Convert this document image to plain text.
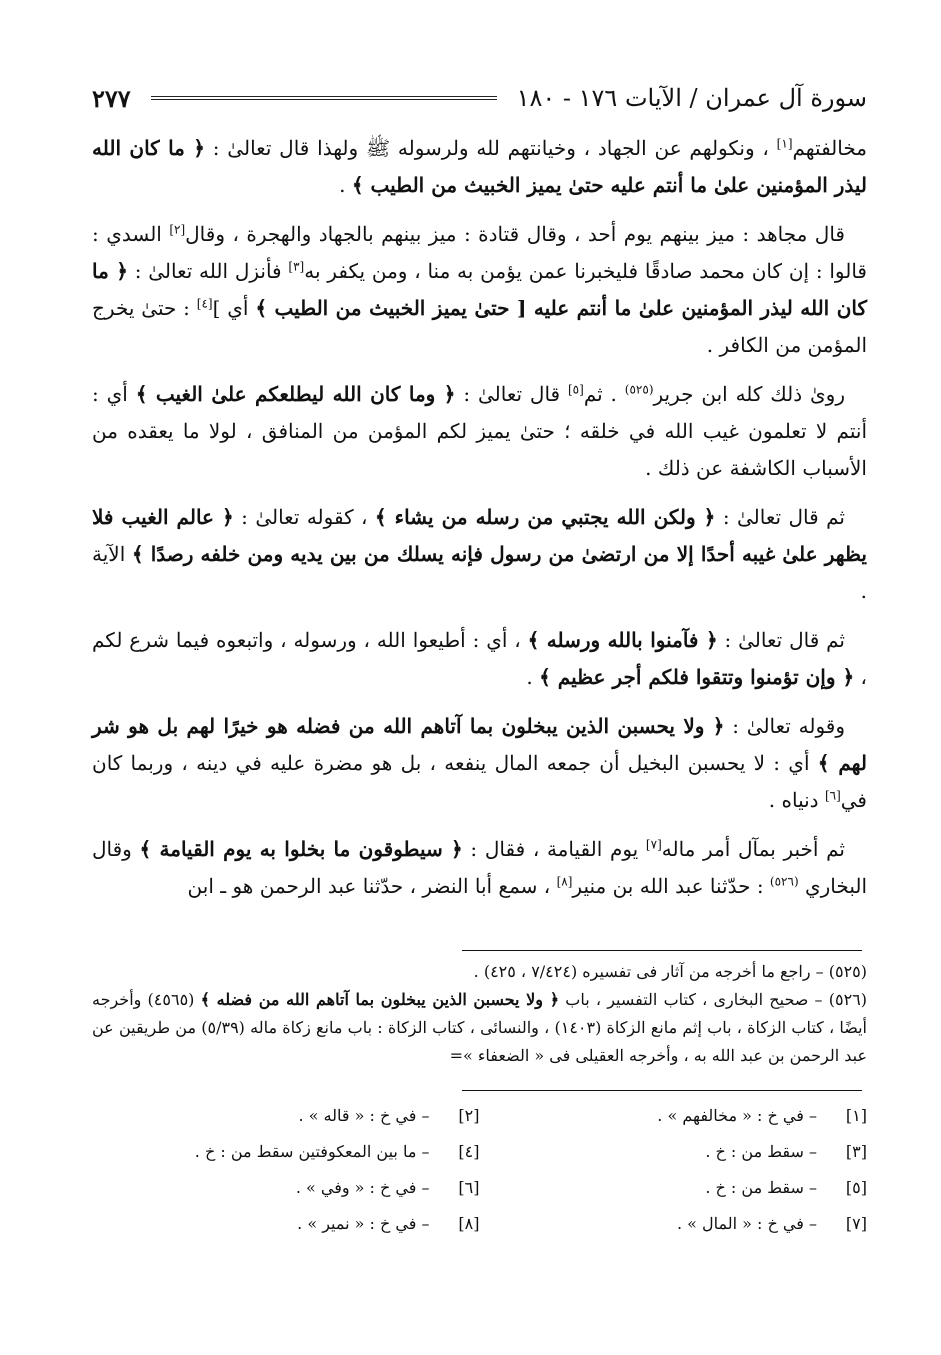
سورة آل عمران / الآيات ١٧٦ - ١٨٠
٢٧٧

مخالفتهم[١] ، ونكولهم عن الجهاد ، وخيانتهم لله ولرسوله ﷺ ولهذا قال تعالىٰ : ﴿ ما كان الله ليذر المؤمنين علىٰ ما أنتم عليه حتىٰ يميز الخبيث من الطيب ﴾ .

قال مجاهد : ميز بينهم يوم أحد ، وقال قتادة : ميز بينهم بالجهاد والهجرة ، وقال[٢] السدي : قالوا : إن كان محمد صادقًا فليخبرنا عمن يؤمن به منا ، ومن يكفر به[٣] فأنزل الله تعالىٰ : ﴿ ما كان الله ليذر المؤمنين علىٰ ما أنتم عليه [ حتىٰ يميز الخبيث من الطيب ﴾ أي ][٤] : حتىٰ يخرج المؤمن من الكافر .

روىٰ ذلك كله ابن جرير$^{(٥٢٥)}$ . ثم[٥] قال تعالىٰ : ﴿ وما كان الله ليطلعكم علىٰ الغيب ﴾ أي : أنتم لا تعلمون غيب الله في خلقه ؛ حتىٰ يميز لكم المؤمن من المنافق ، لولا ما يعقده من الأسباب الكاشفة عن ذلك .

ثم قال تعالىٰ : ﴿ ولكن الله يجتبي من رسله من يشاء ﴾ ، كقوله تعالىٰ : ﴿ عالم الغيب فلا يظهر علىٰ غيبه أحدًا إلا من ارتضىٰ من رسول فإنه يسلك من بين يديه ومن خلفه رصدًا ﴾ الآية .

ثم قال تعالىٰ : ﴿ فآمنوا بالله ورسله ﴾ ، أي : أطيعوا الله ، ورسوله ، واتبعوه فيما شرع لكم ، ﴿ وإن تؤمنوا وتتقوا فلكم أجر عظيم ﴾ .

وقوله تعالىٰ : ﴿ ولا يحسبن الذين يبخلون بما آتاهم الله من فضله هو خيرًا لهم بل هو شر لهم ﴾ أي : لا يحسبن البخيل أن جمعه المال ينفعه ، بل هو مضرة عليه في دينه ، وربما كان في[٦] دنياه .

ثم أخبر بمآل أمر ماله[٧] يوم القيامة ، فقال : ﴿ سيطوقون ما بخلوا به يوم القيامة ﴾ وقال البخاري $^{(٥٢٦)}$ : حدّثنا عبد الله بن منير[٨] ، سمع أبا النضر ، حدّثنا عبد الرحمن هو ـ ابن

(٥٢٥) – راجع ما أخرجه من آثار فى تفسيره (٧/٤٢٤ ، ٤٢٥) .

(٥٢٦) – صحيح البخارى ، كتاب التفسير ، باب ﴿ ولا يحسبن الذين يبخلون بما آتاهم الله من فضله ﴾ (٤٥٦٥) وأخرجه أيضًا ، كتاب الزكاة ، باب إثم مانع الزكاة (١٤٠٣) ، والنسائى ، كتاب الزكاة : باب مانع زكاة ماله (٥/٣٩) من طريقين عن عبد الرحمن بن عبد الله به ، وأخرجه العقيلى فى « الضعفاء »=

[١]
– في خ : « مخالفهم » .
[٢]
– في خ : « قاله » .
[٣]
– سقط من : خ .
[٤]
– ما بين المعكوفتين سقط من : خ .
[٥]
– سقط من : خ .
[٦]
– في خ : « وفي » .
[٧]
– في خ : « المال » .
[٨]
– في خ : « نمير » .
